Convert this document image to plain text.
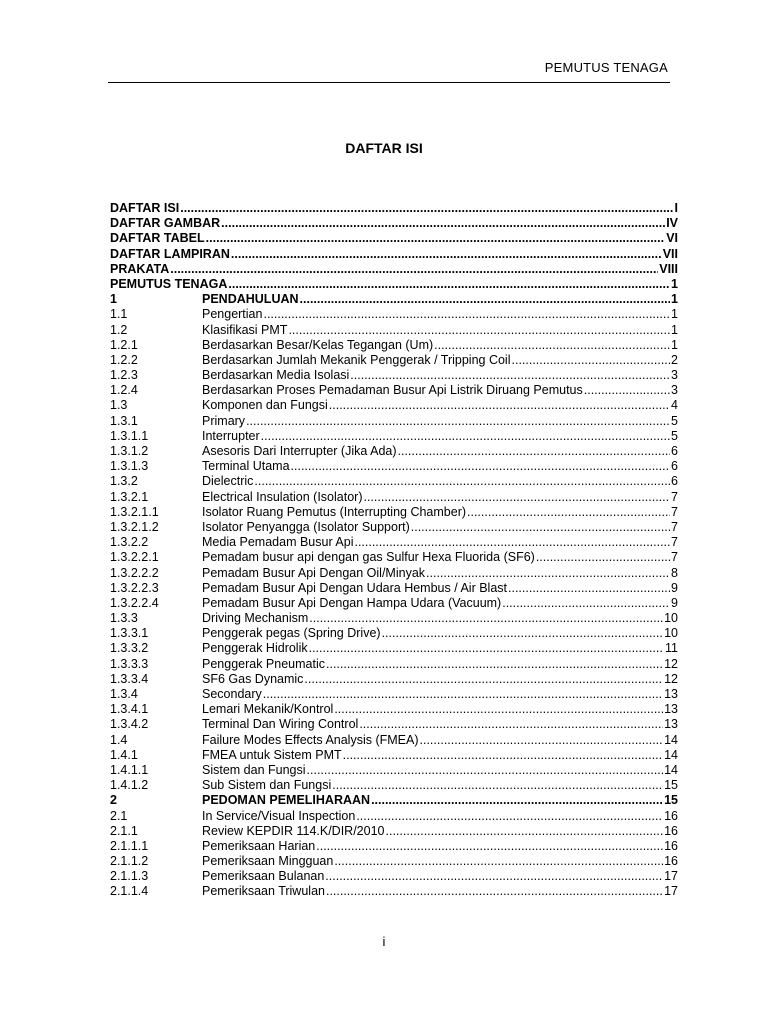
PEMUTUS TENAGA
DAFTAR ISI
DAFTAR ISI .....	I
DAFTAR GAMBAR .....	IV
DAFTAR TABEL .....	VI
DAFTAR LAMPIRAN .....	VII
PRAKATA .....	VIII
PEMUTUS TENAGA .....	1
1	PENDAHULUAN .....	1
1.1	Pengertian .....	1
1.2	Klasifikasi PMT .....	1
1.2.1	Berdasarkan Besar/Kelas Tegangan (Um) .....	1
1.2.2	Berdasarkan Jumlah Mekanik Penggerak / Tripping Coil .....	2
1.2.3	Berdasarkan Media Isolasi .....	3
1.2.4	Berdasarkan Proses Pemadaman Busur Api Listrik Diruang Pemutus .....	3
1.3	Komponen dan Fungsi .....	4
1.3.1	Primary .....	5
1.3.1.1	Interrupter .....	5
1.3.1.2	Asesoris Dari Interrupter (Jika Ada) .....	6
1.3.1.3	Terminal Utama .....	6
1.3.2	Dielectric .....	6
1.3.2.1	Electrical Insulation (Isolator) .....	7
1.3.2.1.1	Isolator Ruang Pemutus (Interrupting Chamber) .....	7
1.3.2.1.2	Isolator Penyangga (Isolator Support) .....	7
1.3.2.2	Media Pemadam Busur Api .....	7
1.3.2.2.1	Pemadam busur api dengan gas Sulfur Hexa Fluorida (SF6) .....	7
1.3.2.2.2	Pemadam Busur Api Dengan Oil/Minyak .....	8
1.3.2.2.3	Pemadam Busur Api Dengan Udara Hembus / Air Blast .....	9
1.3.2.2.4	Pemadam Busur Api Dengan Hampa Udara (Vacuum) .....	9
1.3.3	Driving Mechanism .....	10
1.3.3.1	Penggerak pegas (Spring Drive) .....	10
1.3.3.2	Penggerak Hidrolik .....	11
1.3.3.3	Penggerak Pneumatic .....	12
1.3.3.4	SF6 Gas Dynamic .....	12
1.3.4	Secondary .....	13
1.3.4.1	Lemari Mekanik/Kontrol .....	13
1.3.4.2	Terminal Dan Wiring Control .....	13
1.4	Failure Modes Effects Analysis (FMEA) .....	14
1.4.1	FMEA untuk Sistem PMT .....	14
1.4.1.1	Sistem dan Fungsi .....	14
1.4.1.2	Sub Sistem dan Fungsi .....	15
2	PEDOMAN PEMELIHARAAN .....	15
2.1	In Service/Visual Inspection .....	16
2.1.1	Review KEPDIR 114.K/DIR/2010 .....	16
2.1.1.1	Pemeriksaan Harian .....	16
2.1.1.2	Pemeriksaan Mingguan .....	16
2.1.1.3	Pemeriksaan Bulanan .....	17
2.1.1.4	Pemeriksaan Triwulan .....	17
i
